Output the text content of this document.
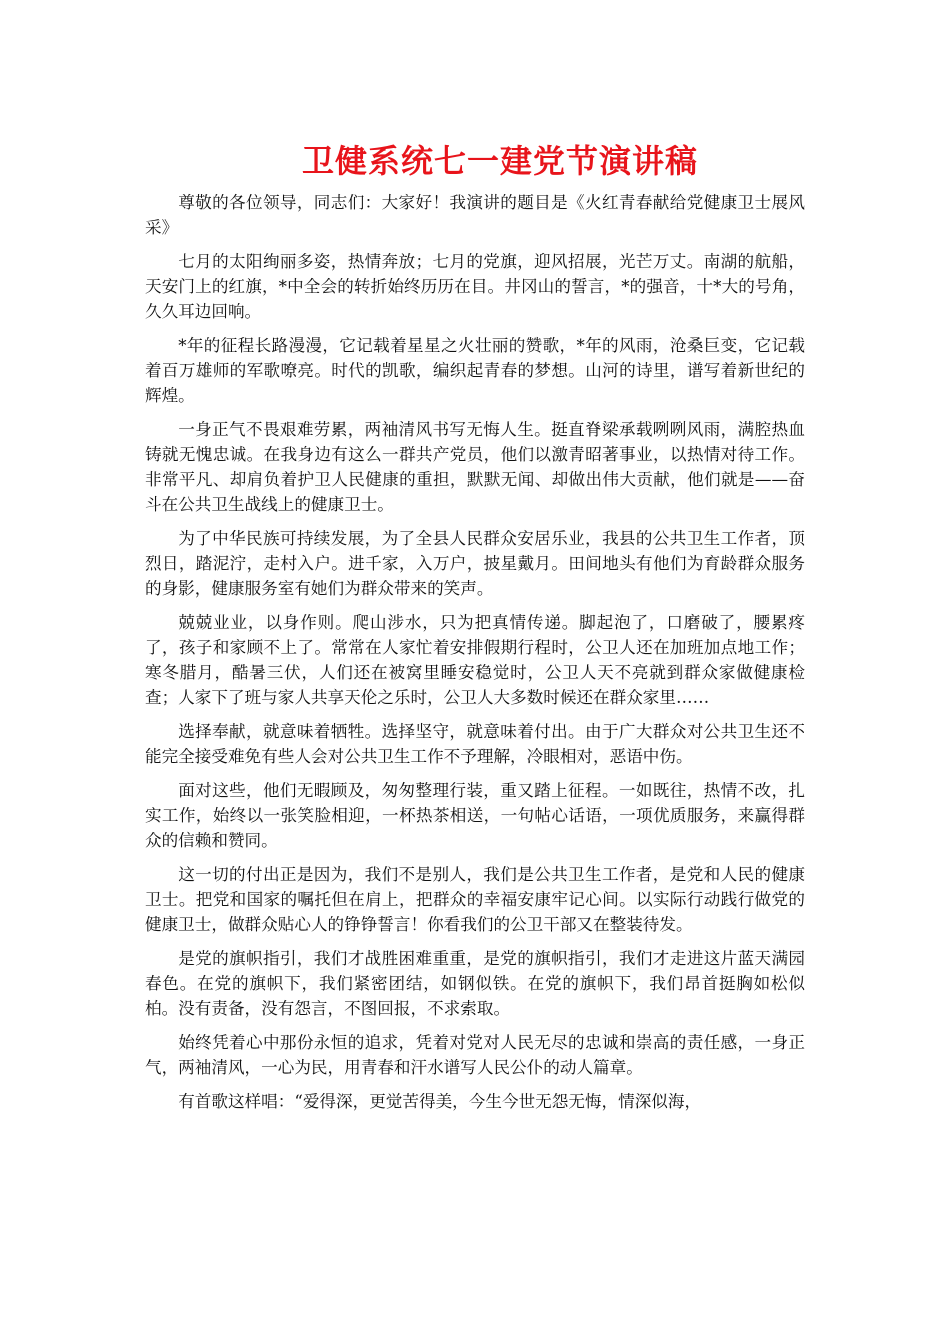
卫健系统七一建党节演讲稿

尊敬的各位领导，同志们：大家好！我演讲的题目是《火红青春献给党健康卫士展风采》

七月的太阳绚丽多姿，热情奔放；七月的党旗，迎风招展，光芒万丈。南湖的航船，天安门上的红旗，*中全会的转折始终历历在目。井冈山的誓言，*的强音，十*大的号角，久久耳边回响。

*年的征程长路漫漫，它记载着星星之火壮丽的赞歌，*年的风雨，沧桑巨变，它记载着百万雄师的军歌嘹亮。时代的凯歌，编织起青春的梦想。山河的诗里，谱写着新世纪的辉煌。

一身正气不畏艰难劳累，两袖清风书写无悔人生。挺直脊梁承载咧咧风雨，满腔热血铸就无愧忠诚。在我身边有这么一群共产党员，他们以激青昭著事业，以热情对待工作。非常平凡、却肩负着护卫人民健康的重担，默默无闻、却做出伟大贡献，他们就是——奋斗在公共卫生战线上的健康卫士。

为了中华民族可持续发展，为了全县人民群众安居乐业，我县的公共卫生工作者，顶烈日，踏泥泞，走村入户。进千家，入万户，披星戴月。田间地头有他们为育龄群众服务的身影，健康服务室有她们为群众带来的笑声。

兢兢业业，以身作则。爬山涉水，只为把真情传递。脚起泡了，口磨破了，腰累疼了，孩子和家顾不上了。常常在人家忙着安排假期行程时，公卫人还在加班加点地工作；寒冬腊月，酷暑三伏，人们还在被窝里睡安稳觉时，公卫人天不亮就到群众家做健康检查；人家下了班与家人共享天伦之乐时，公卫人大多数时候还在群众家里……

选择奉献，就意味着牺牲。选择坚守，就意味着付出。由于广大群众对公共卫生还不能完全接受难免有些人会对公共卫生工作不予理解，冷眼相对，恶语中伤。

面对这些，他们无暇顾及，匆匆整理行装，重又踏上征程。一如既往，热情不改，扎实工作，始终以一张笑脸相迎，一杯热茶相送，一句帖心话语，一项优质服务，来赢得群众的信赖和赞同。

这一切的付出正是因为，我们不是别人，我们是公共卫生工作者，是党和人民的健康卫士。把党和国家的嘱托但在肩上，把群众的幸福安康牢记心间。以实际行动践行做党的健康卫士，做群众贴心人的铮铮誓言！你看我们的公卫干部又在整装待发。

是党的旗帜指引，我们才战胜困难重重，是党的旗帜指引，我们才走进这片蓝天满园春色。在党的旗帜下，我们紧密团结，如钢似铁。在党的旗帜下，我们昂首挺胸如松似柏。没有责备，没有怨言，不图回报，不求索取。

始终凭着心中那份永恒的追求，凭着对党对人民无尽的忠诚和崇高的责任感，一身正气，两袖清风，一心为民，用青春和汗水谱写人民公仆的动人篇章。

有首歌这样唱：“爱得深，更觉苦得美，今生今世无怨无悔，情深似海，
